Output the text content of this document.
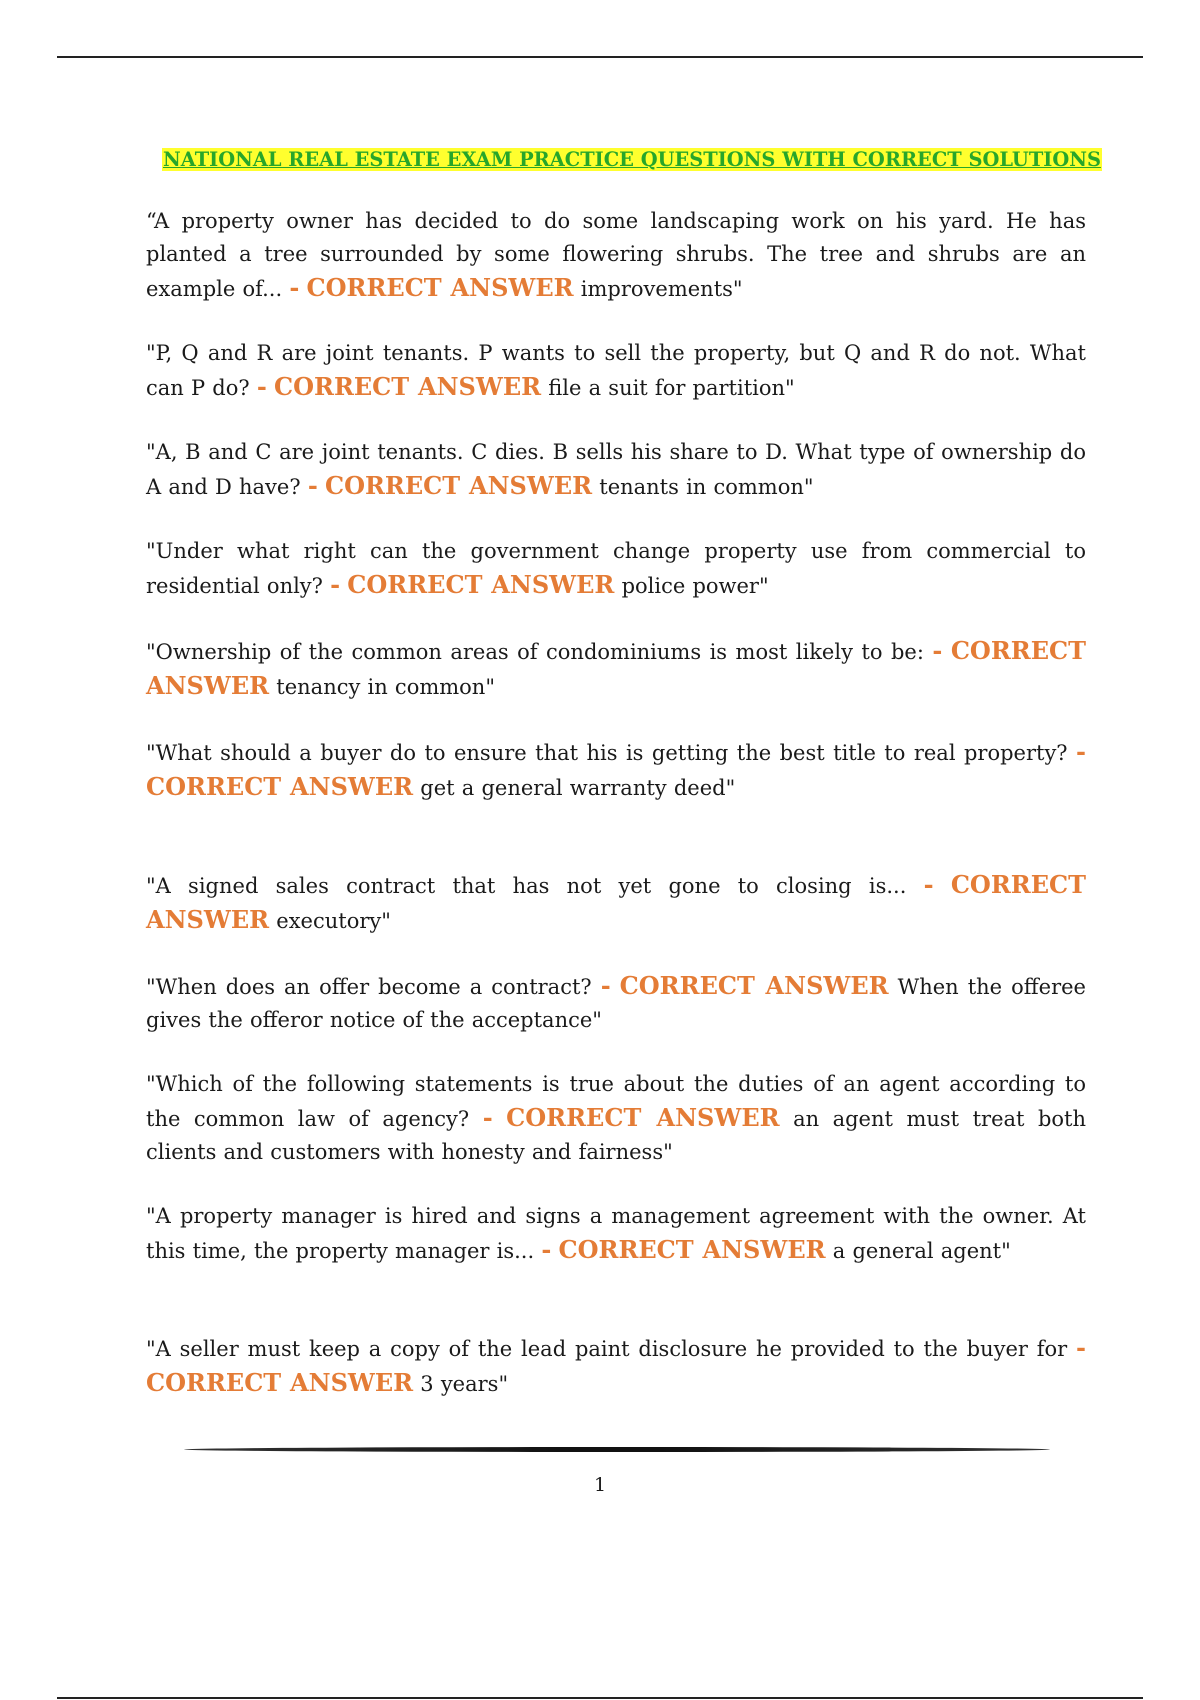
NATIONAL REAL ESTATE EXAM PRACTICE QUESTIONS WITH CORRECT SOLUTIONS

“A property owner has decided to do some landscaping work on his yard. He has planted a tree surrounded by some flowering shrubs. The tree and shrubs are an example of... - CORRECT ANSWER improvements"

"P, Q and R are joint tenants. P wants to sell the property, but Q and R do not. What can P do? - CORRECT ANSWER file a suit for partition"

"A, B and C are joint tenants. C dies. B sells his share to D. What type of ownership do A and D have? - CORRECT ANSWER tenants in common"

"Under what right can the government change property use from commercial to residential only? - CORRECT ANSWER police power"

"Ownership of the common areas of condominiums is most likely to be: - CORRECT ANSWER tenancy in common"

"What should a buyer do to ensure that his is getting the best title to real property? - CORRECT ANSWER get a general warranty deed"

"A signed sales contract that has not yet gone to closing is... - CORRECT ANSWER executory"

"When does an offer become a contract? - CORRECT ANSWER When the offeree gives the offeror notice of the acceptance"

"Which of the following statements is true about the duties of an agent according to the common law of agency? - CORRECT ANSWER an agent must treat both clients and customers with honesty and fairness"

"A property manager is hired and signs a management agreement with the owner. At this time, the property manager is... - CORRECT ANSWER a general agent"

"A seller must keep a copy of the lead paint disclosure he provided to the buyer for - CORRECT ANSWER 3 years"

1
